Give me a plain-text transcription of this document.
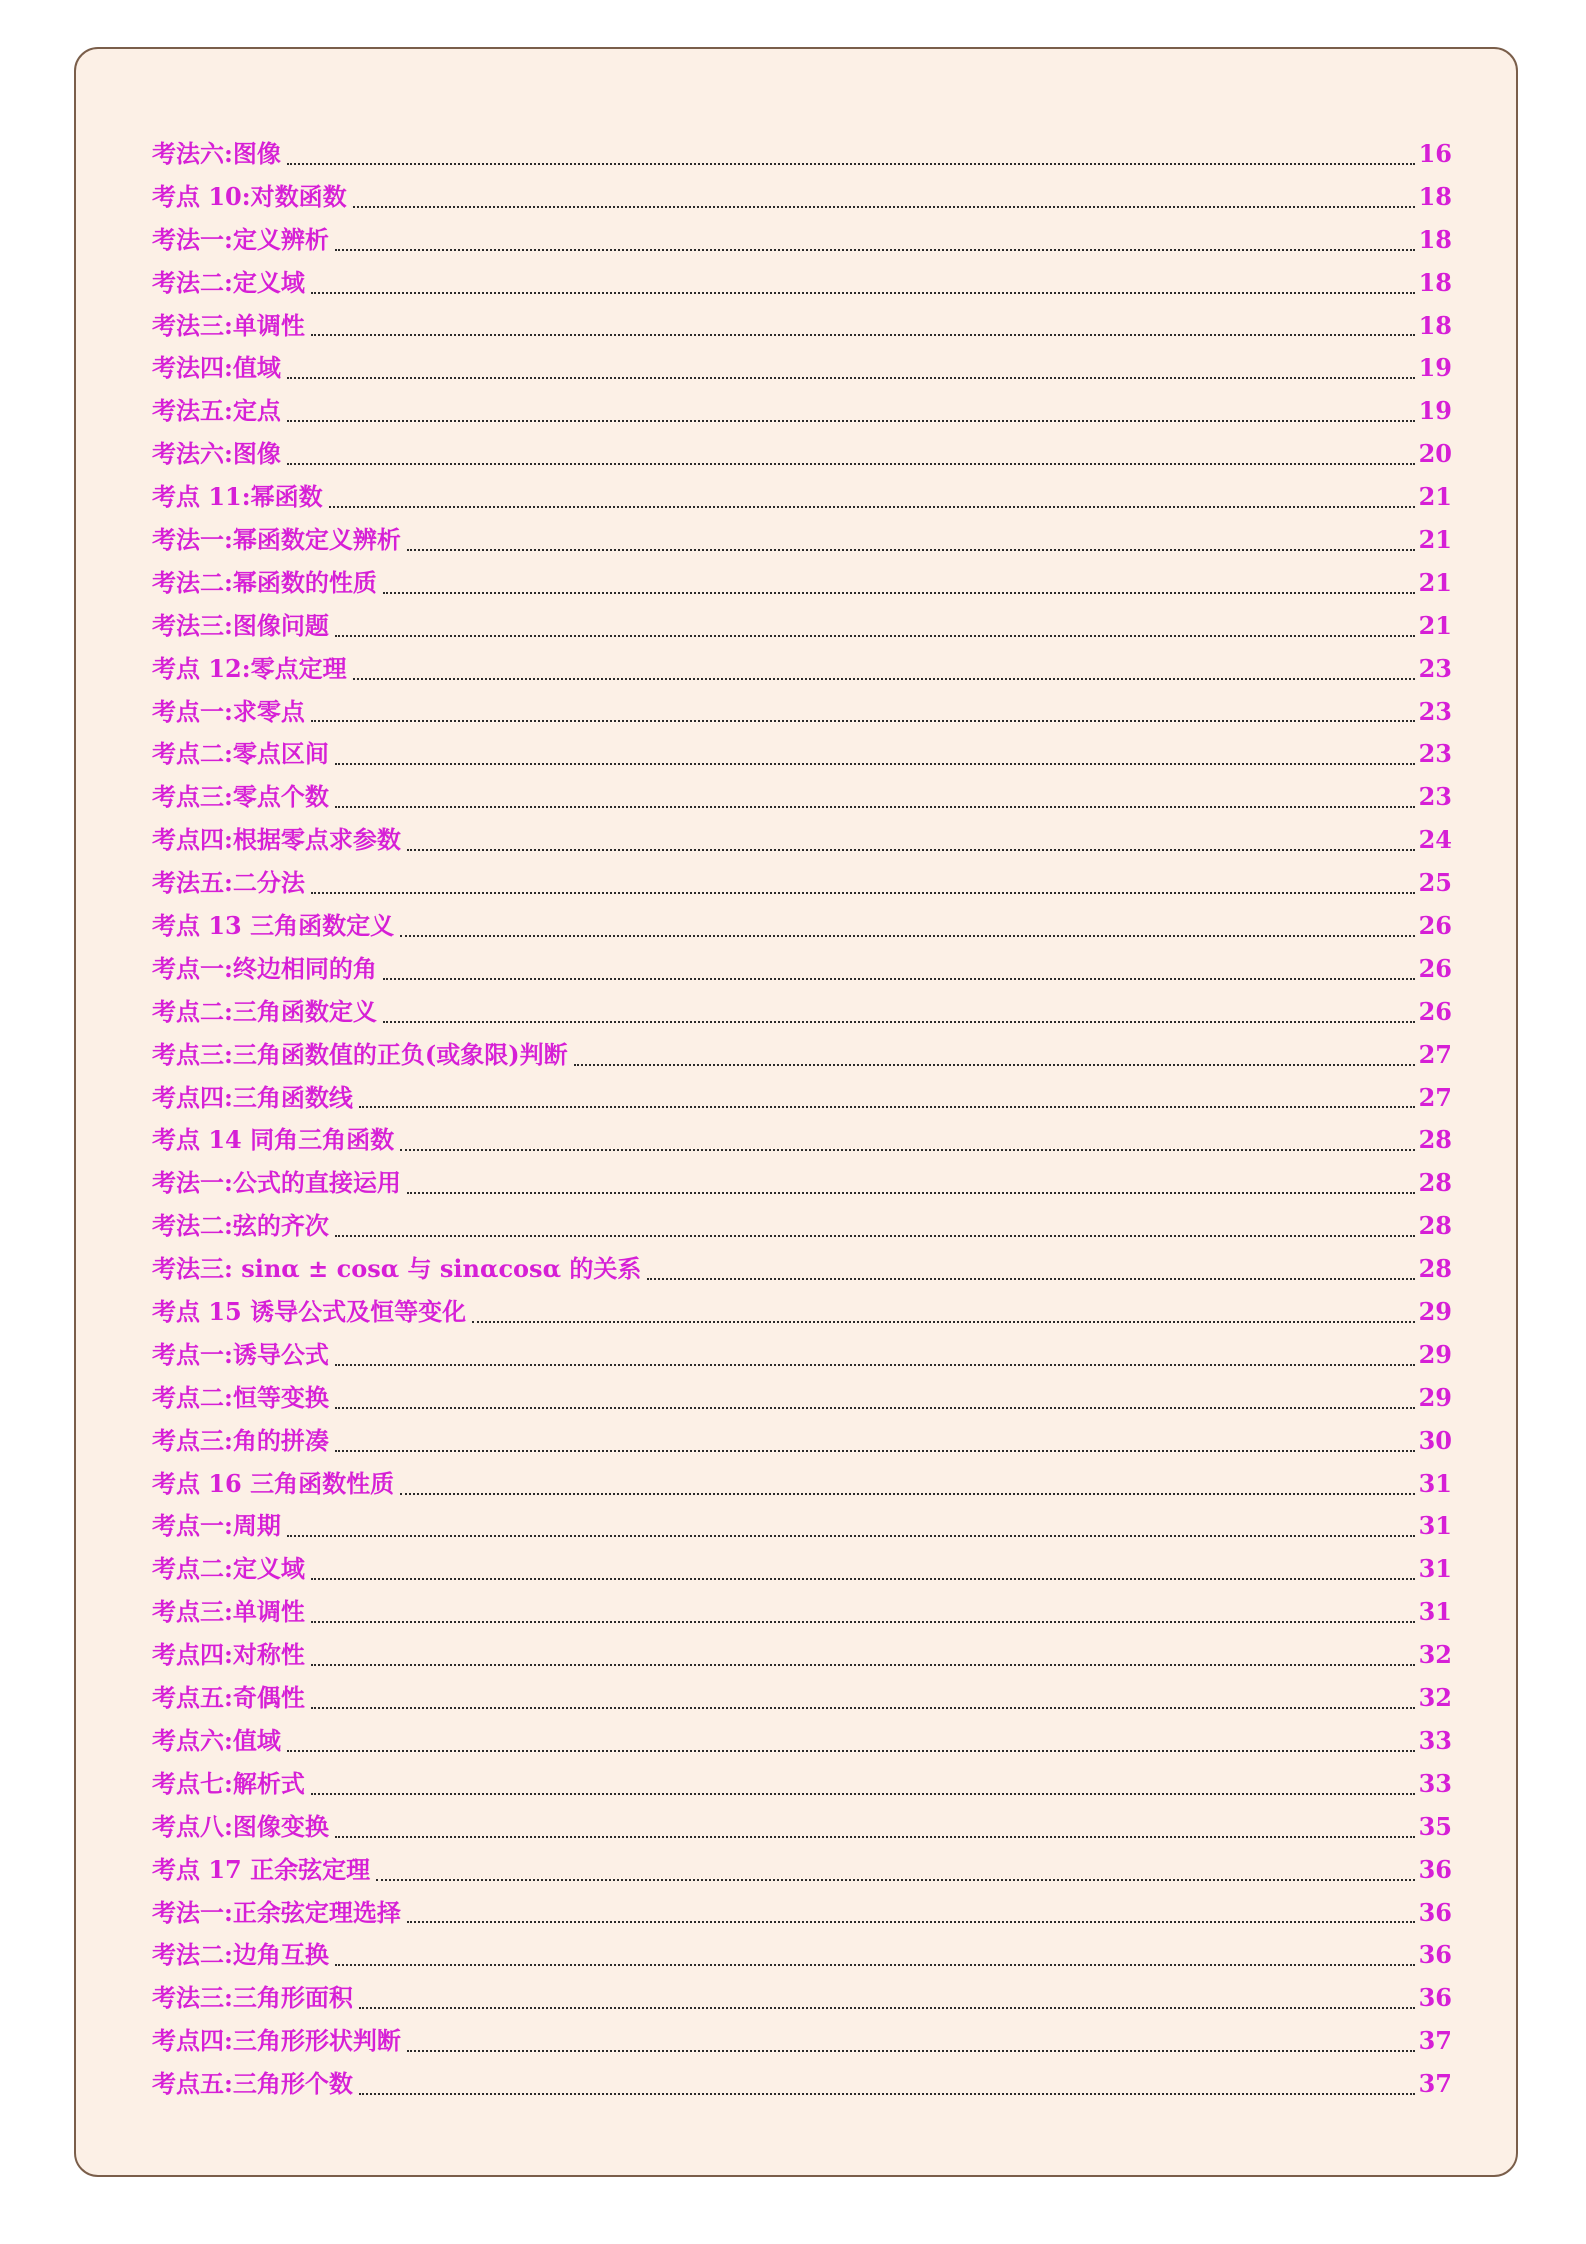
考法六:图像	16
考点 10:对数函数	18
考法一:定义辨析	18
考法二:定义域	18
考法三:单调性	18
考法四:值域	19
考法五:定点	19
考法六:图像	20
考点 11:幂函数	21
考法一:幂函数定义辨析	21
考法二:幂函数的性质	21
考法三:图像问题	21
考点 12:零点定理	23
考点一:求零点	23
考点二:零点区间	23
考点三:零点个数	23
考点四:根据零点求参数	24
考法五:二分法	25
考点 13 三角函数定义	26
考点一:终边相同的角	26
考点二:三角函数定义	26
考点三:三角函数值的正负(或象限)判断	27
考点四:三角函数线	27
考点 14 同角三角函数	28
考法一:公式的直接运用	28
考法二:弦的齐次	28
考法三: sinα ± cosα 与 sinαcosα 的关系	28
考点 15 诱导公式及恒等变化	29
考点一:诱导公式	29
考点二:恒等变换	29
考点三:角的拼凑	30
考点 16 三角函数性质	31
考点一:周期	31
考点二:定义域	31
考点三:单调性	31
考点四:对称性	32
考点五:奇偶性	32
考点六:值域	33
考点七:解析式	33
考点八:图像变换	35
考点 17 正余弦定理	36
考法一:正余弦定理选择	36
考法二:边角互换	36
考法三:三角形面积	36
考点四:三角形形状判断	37
考点五:三角形个数	37
